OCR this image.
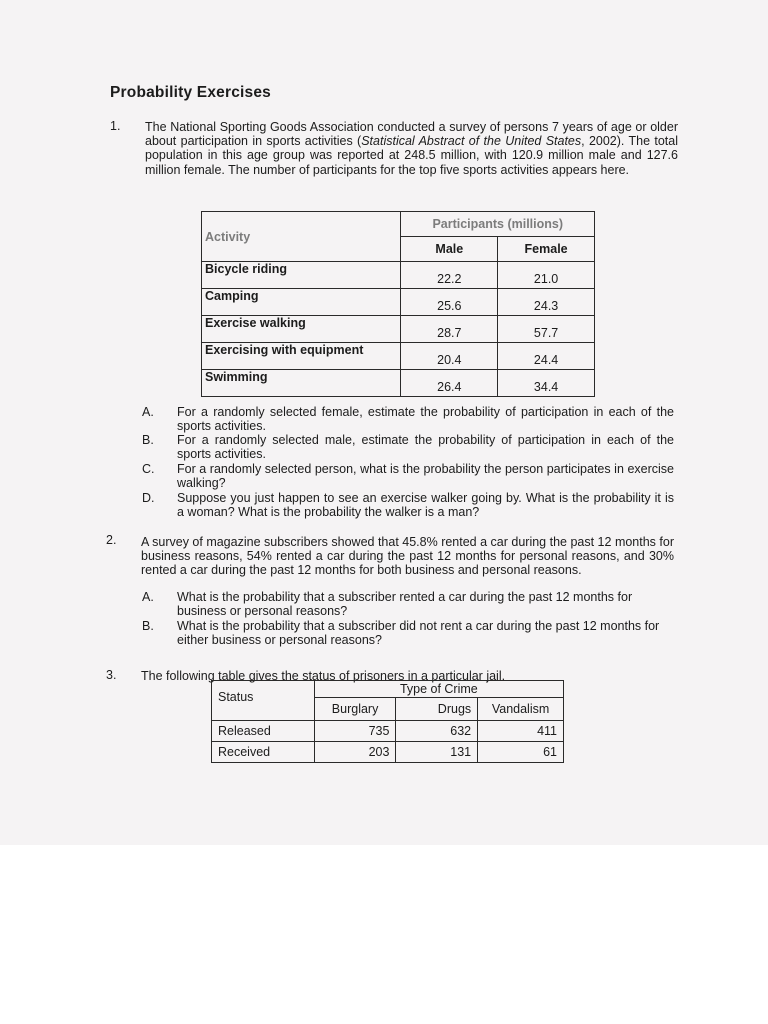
Probability Exercises
1. The National Sporting Goods Association conducted a survey of persons 7 years of age or older about participation in sports activities (Statistical Abstract of the United States, 2002). The total population in this age group was reported at 248.5 million, with 120.9 million male and 127.6 million female. The number of participants for the top five sports activities appears here.
Activity	Participants (millions)	
	Male	Female
Bicycle riding	22.2	21.0
Camping	25.6	24.3
Exercise walking	28.7	57.7
Exercising with equipment	20.4	24.4
Swimming	26.4	34.4
A. For a randomly selected female, estimate the probability of participation in each of the sports activities.
B. For a randomly selected male, estimate the probability of participation in each of the sports activities.
C. For a randomly selected person, what is the probability the person participates in exercise walking?
D. Suppose you just happen to see an exercise walker going by. What is the probability it is a woman? What is the probability the walker is a man?
2. A survey of magazine subscribers showed that 45.8% rented a car during the past 12 months for business reasons, 54% rented a car during the past 12 months for personal reasons, and 30% rented a car during the past 12 months for both business and personal reasons.
A. What is the probability that a subscriber rented a car during the past 12 months for business or personal reasons?
B. What is the probability that a subscriber did not rent a car during the past 12 months for either business or personal reasons?
3. The following table gives the status of prisoners in a particular jail.
Status	Type of Crime		
	Burglary	Drugs	Vandalism
Released	735	632	411
Received	203	131	61
